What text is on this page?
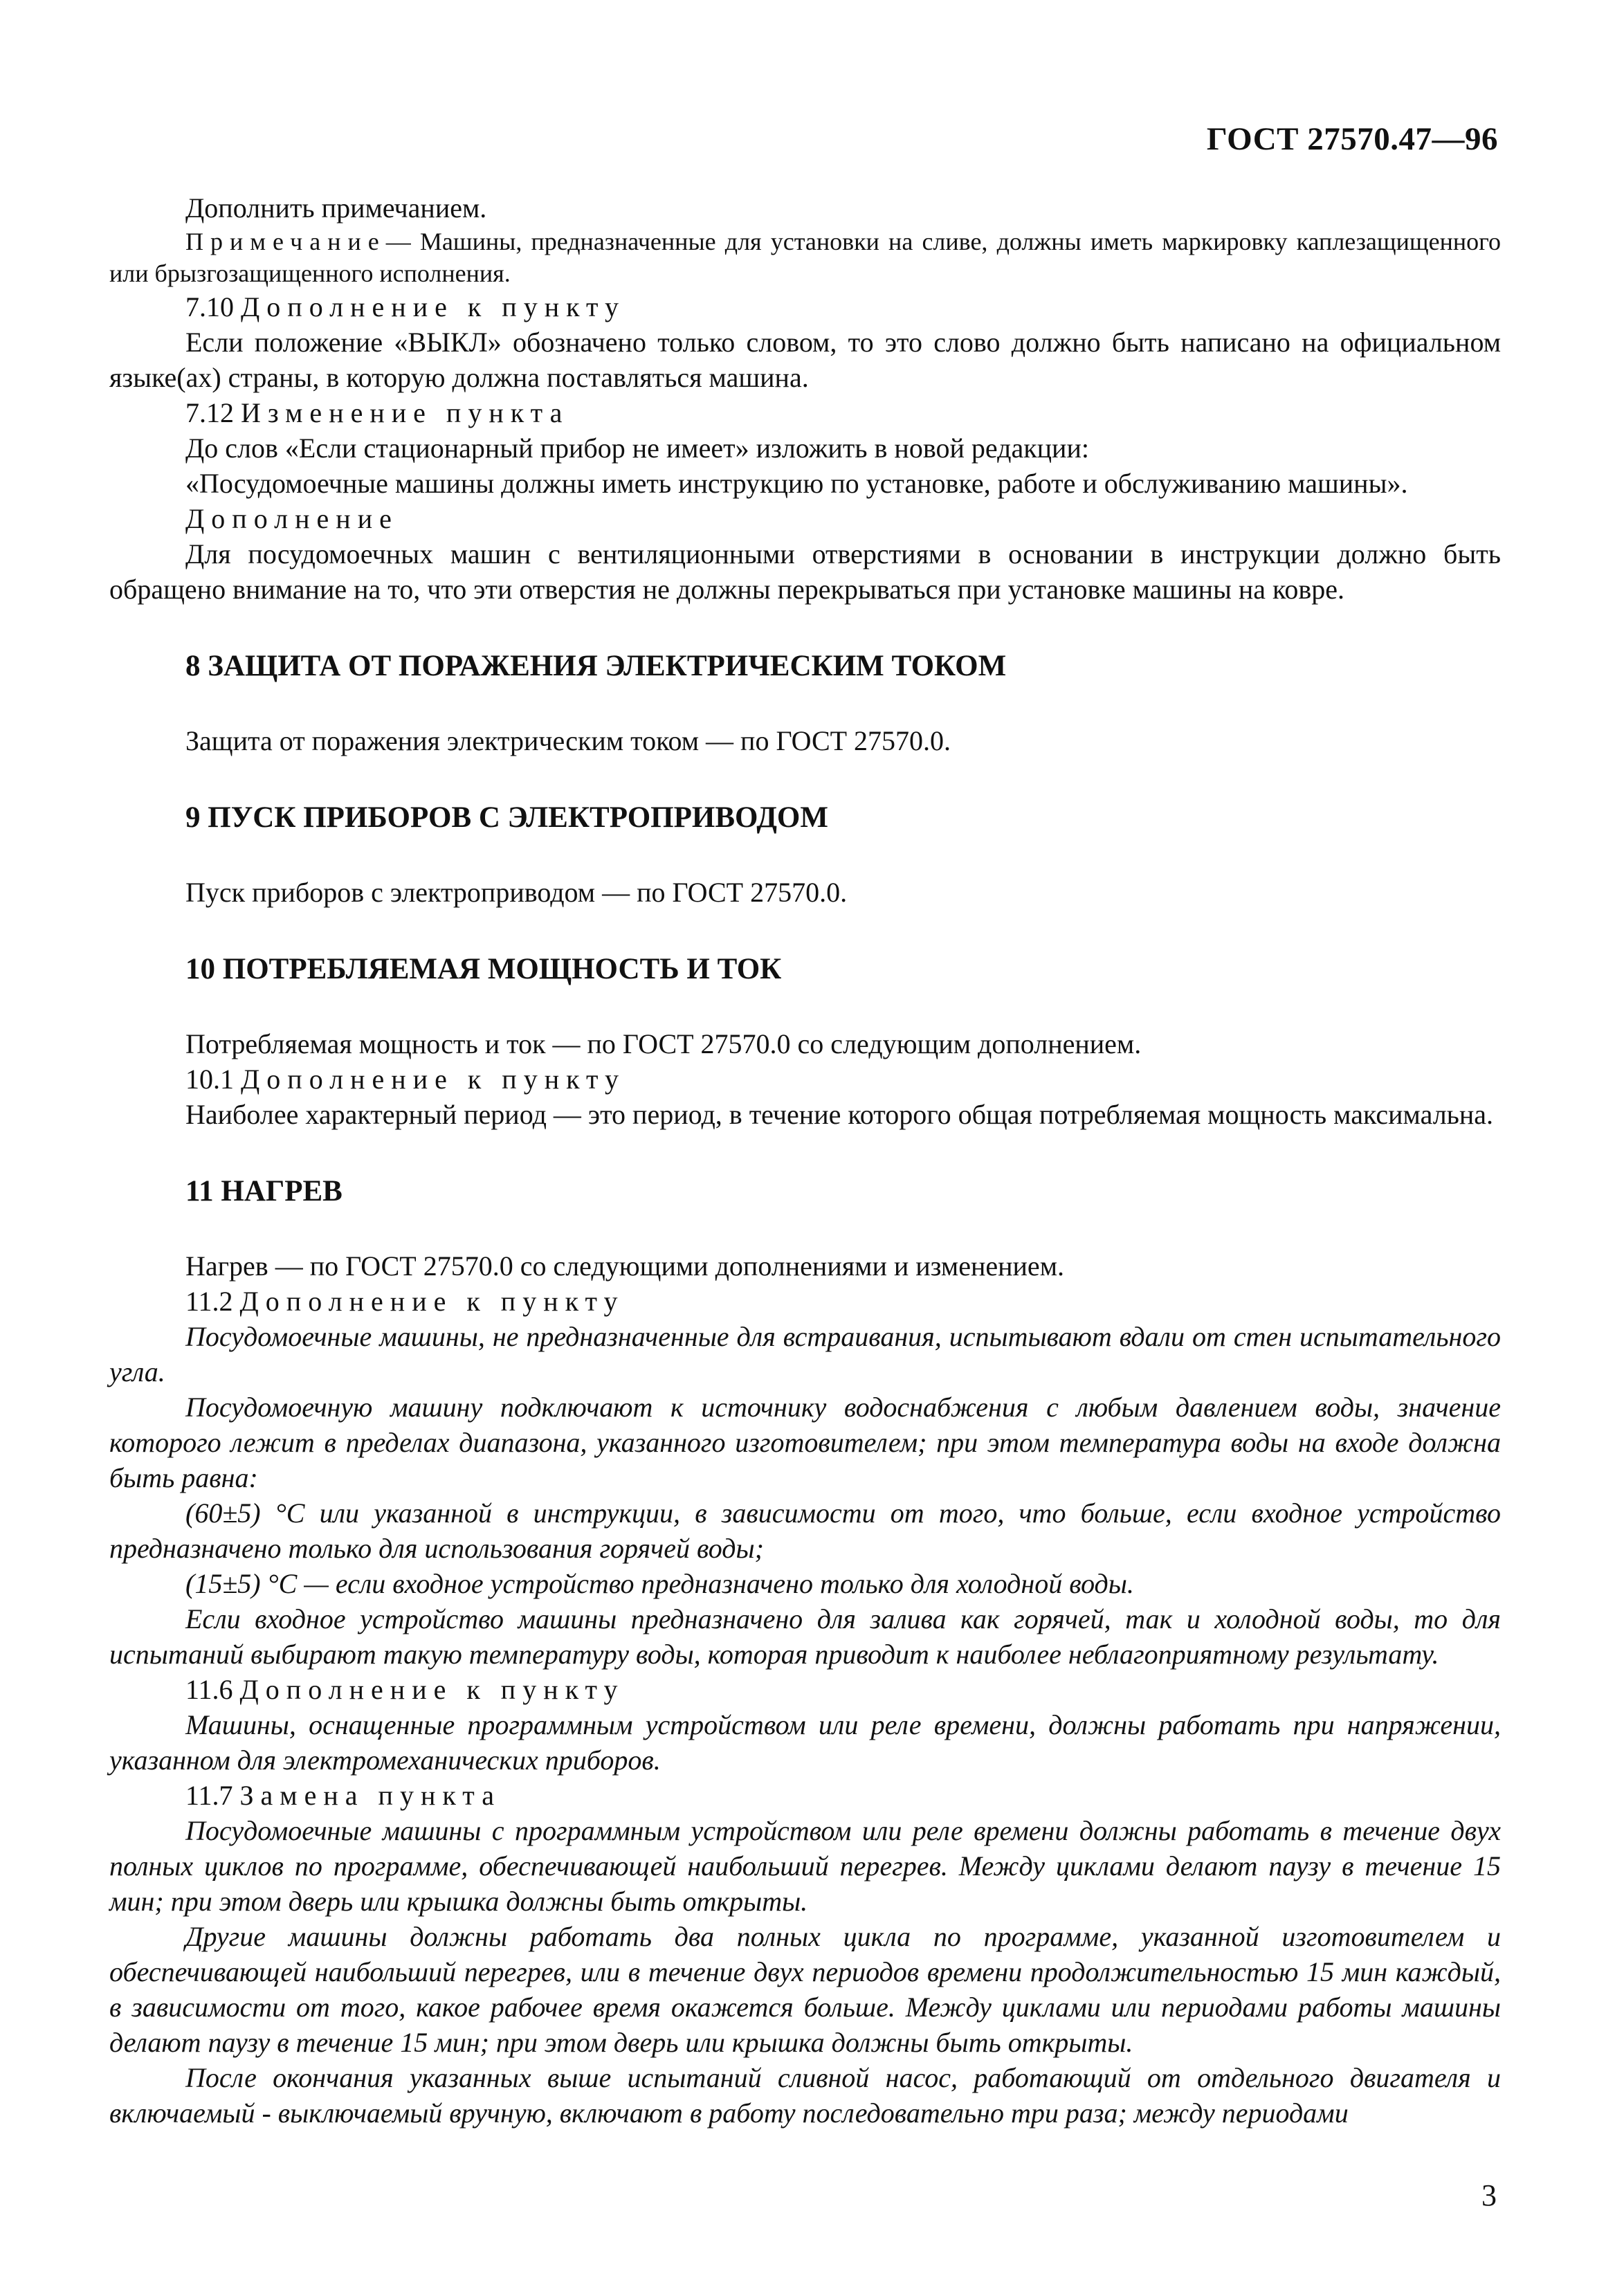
ГОСТ 27570.47—96

Дополнить примечанием.

Примечание— Машины, предназначенные для установки на сливе, должны иметь маркировку каплезащищенного или брызгозащищенного исполнения.

7.10 Дополнение к пункту

Если положение «ВЫКЛ» обозначено только словом, то это слово должно быть написано на официальном языке(ах) страны, в которую должна поставляться машина.

7.12 Изменение пункта

До слов «Если стационарный прибор не имеет» изложить в новой редакции:

«Посудомоечные машины должны иметь инструкцию по установке, работе и обслуживанию машины».

Дополнение

Для посудомоечных машин с вентиляционными отверстиями в основании в инструкции должно быть обращено внимание на то, что эти отверстия не должны перекрываться при установке машины на ковре.

8 ЗАЩИТА ОТ ПОРАЖЕНИЯ ЭЛЕКТРИЧЕСКИМ ТОКОМ

Защита от поражения электрическим током — по ГОСТ 27570.0.

9 ПУСК ПРИБОРОВ С ЭЛЕКТРОПРИВОДОМ

Пуск приборов с электроприводом — по ГОСТ 27570.0.

10 ПОТРЕБЛЯЕМАЯ МОЩНОСТЬ И ТОК

Потребляемая мощность и ток — по ГОСТ 27570.0 со следующим дополнением.

10.1 Дополнение к пункту

Наиболее характерный период — это период, в течение которого общая потребляемая мощность максимальна.

11 НАГРЕВ

Нагрев — по ГОСТ 27570.0 со следующими дополнениями и изменением.

11.2 Дополнение к пункту

Посудомоечные машины, не предназначенные для встраивания, испытывают вдали от стен испытательного угла.

Посудомоечную машину подключают к источнику водоснабжения с любым давлением воды, значение которого лежит в пределах диапазона, указанного изготовителем; при этом температура воды на входе должна быть равна:

(60±5) °C или указанной в инструкции, в зависимости от того, что больше, если входное устройство предназначено только для использования горячей воды;

(15±5) °C — если входное устройство предназначено только для холодной воды.

Если входное устройство машины предназначено для залива как горячей, так и холодной воды, то для испытаний выбирают такую температуру воды, которая приводит к наиболее неблагоприятному результату.

11.6 Дополнение к пункту

Машины, оснащенные программным устройством или реле времени, должны работать при напряжении, указанном для электромеханических приборов.

11.7 Замена пункта

Посудомоечные машины с программным устройством или реле времени должны работать в течение двух полных циклов по программе, обеспечивающей наибольший перегрев. Между циклами делают паузу в течение 15 мин; при этом дверь или крышка должны быть открыты.

Другие машины должны работать два полных цикла по программе, указанной изготовителем и обеспечивающей наибольший перегрев, или в течение двух периодов времени продолжительностью 15 мин каждый, в зависимости от того, какое рабочее время окажется больше. Между циклами или периодами работы машины делают паузу в течение 15 мин; при этом дверь или крышка должны быть открыты.

После окончания указанных выше испытаний сливной насос, работающий от отдельного двигателя и включаемый - выключаемый вручную, включают в работу последовательно три раза; между периодами

3
